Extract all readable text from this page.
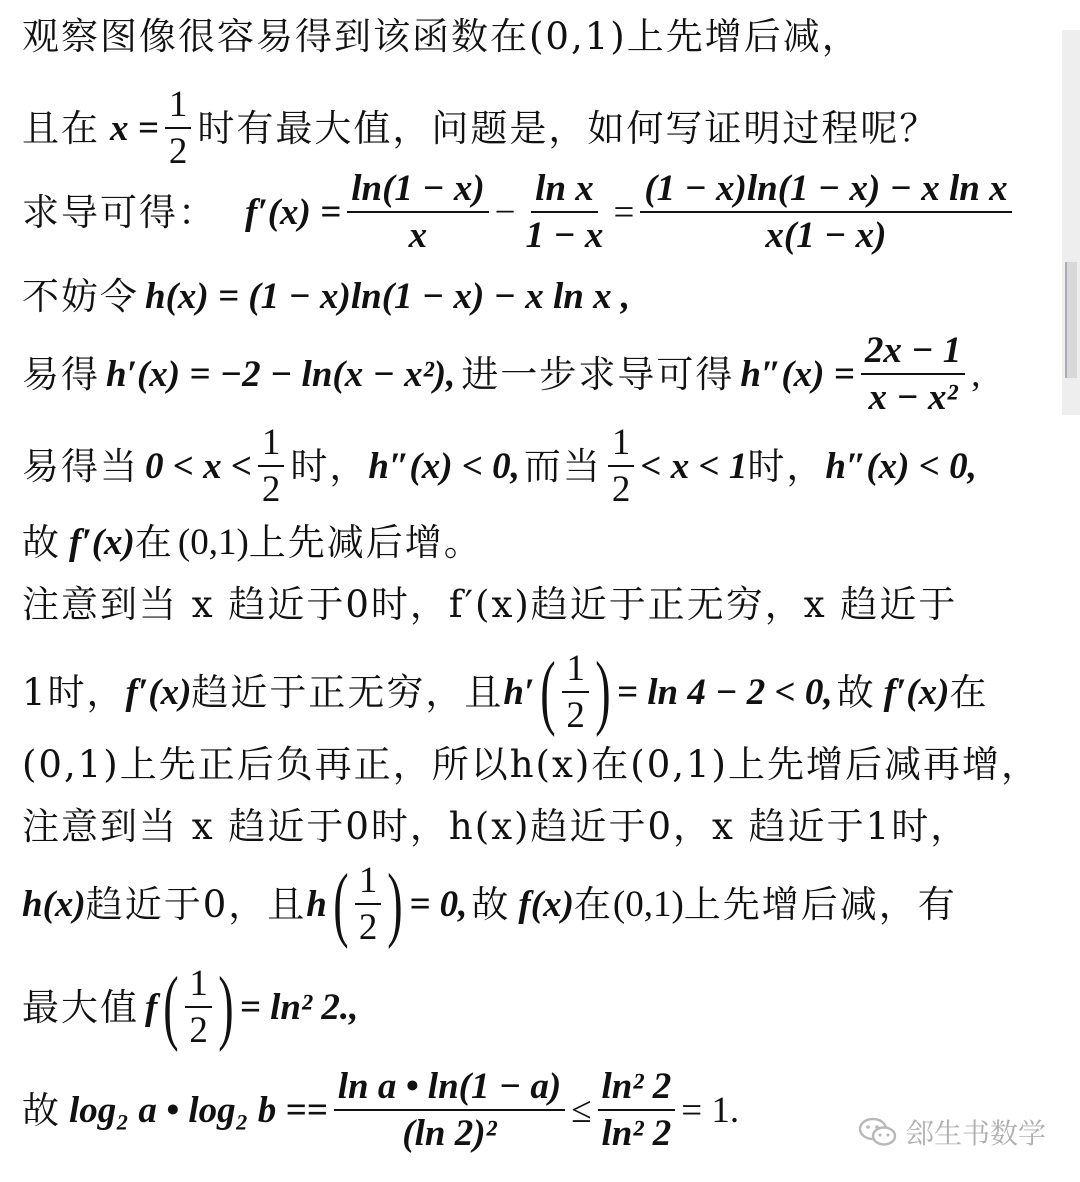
观察图像很容易得到该函数在(0,1)上先增后减，
且在 $x = \frac{1}{2}$ 时有最大值，问题是，如何写证明过程呢？
求导可得： $f'(x) = \frac{\ln(1 - x)}{x} - \frac{\text{ln x}}{1 - x} = \frac{\text{(1 − x)ln(1 − x) − x ln x}}{x(1 - x)}$
不妨令 h(x) = (1 − x)ln(1 − x) − x ln x ,
易得 h′(x) = −2 − ln(x − x²), 进一步求导可得 $h''(x) = \frac{2x - 1}{\text{x − x²}}$ ,
易得当 $0 < x < \frac{1}{2}$ 时， h″(x) < 0, 而当 $\frac{1}{2} < x < 1$ 时， h″(x) < 0,
故 f′(x) 在 (0,1) 上先减后增。
注意到当 x 趋近于0时，f′(x)趋近于正无穷，x 趋近于
1时， f′(x) 趋近于正无穷，且 h′ ( $\frac{1}{2}$ ) = ln 4 − 2 < 0, 故 f′(x) 在
(0,1)上先正后负再正，所以h(x)在(0,1)上先增后减再增，
注意到当 x 趋近于0时，h(x)趋近于0，x 趋近于1时，
h(x) 趋近于0，且 h ( $\frac{1}{2}$ ) = 0, 故 f(x) 在 (0,1) 上先增后减，有
最大值 f ( $\frac{1}{2}$ ) = ln² 2.,
故 log₂ a • log₂ $b == \frac{\text{ln a • ln(1 − a)}}{\text{(ln 2)²}} \le \frac{\text{ln² 2}}{\text{ln² 2}} = 1$.
郐生书数学
